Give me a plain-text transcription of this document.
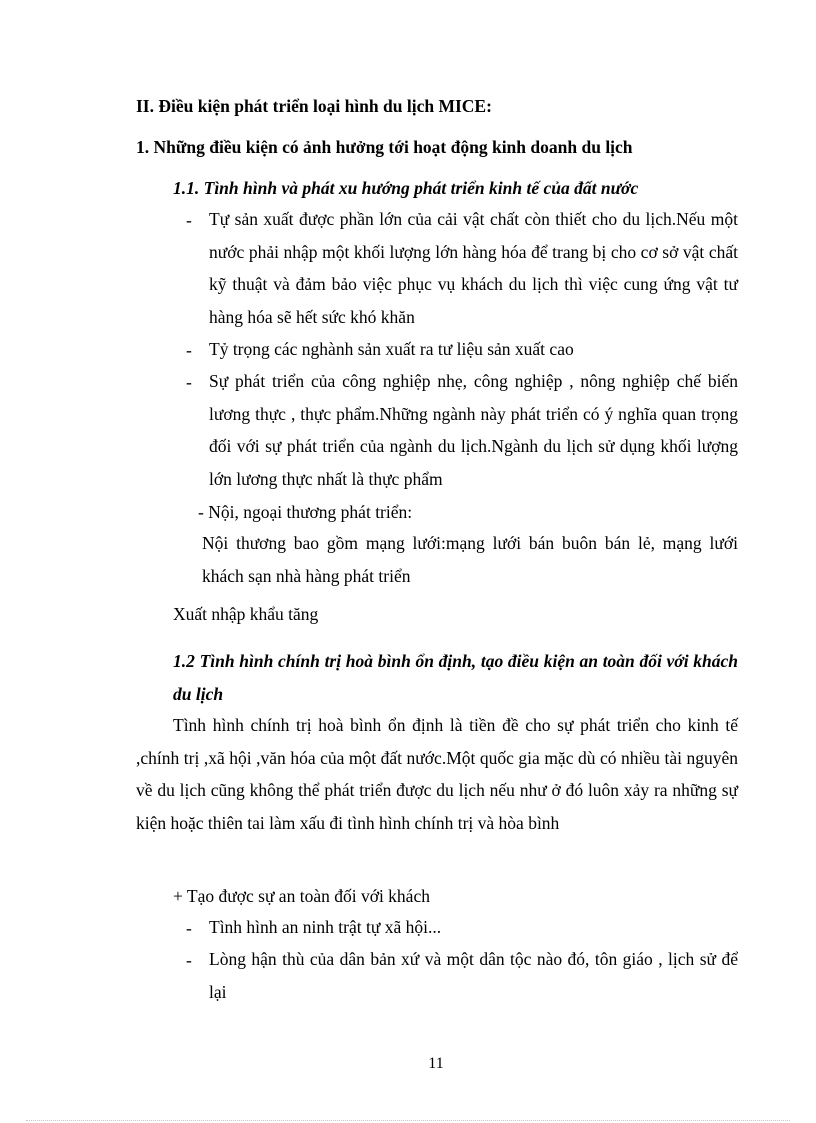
II. Điều kiện phát triển loại hình du lịch MICE:
1. Những điều kiện có ảnh hưởng tới hoạt động kinh doanh du lịch
1.1. Tình hình và phát xu hướng phát triển kinh tế của đất nước
- Tự sản xuất được phần lớn của cải vật chất còn thiết cho du lịch.Nếu một nước phải nhập một khối lượng lớn hàng hóa để trang bị cho cơ sở vật chất kỹ thuật và đảm bảo việc phục vụ khách du lịch thì việc cung ứng vật tư hàng hóa sẽ hết sức khó khăn
- Tỷ trọng các nghành sản xuất ra tư liệu sản xuất cao
- Sự phát triển của công nghiệp nhẹ, công nghiệp , nông nghiệp chế biến lương thực , thực phẩm.Những ngành này phát triển có ý nghĩa quan trọng đối với sự phát triển của ngành du lịch.Ngành du lịch sử dụng khối lượng lớn lương thực nhất là thực phẩm
- Nội, ngoại thương phát triển:
Nội thương bao gồm mạng lưới:mạng lưới bán buôn bán lẻ, mạng lưới khách sạn nhà hàng phát triển
Xuất nhập khẩu tăng
1.2 Tình hình chính trị hoà bình ổn định, tạo điều kiện an toàn đối với khách du lịch
Tình hình chính trị hoà bình ổn định là tiền đề cho sự phát triển cho kinh tế ,chính trị ,xã hội ,văn hóa của một đất nước.Một quốc gia mặc dù có nhiều tài nguyên về du lịch cũng không thể phát triển được du lịch nếu như ở đó luôn xảy ra những sự kiện hoặc thiên tai làm xấu đi tình hình chính trị và hòa bình
+ Tạo được sự an toàn đối với khách
- Tình hình an ninh trật tự xã hội...
- Lòng hận thù của dân bản xứ và một dân tộc nào đó, tôn giáo , lịch sử để lại
11
